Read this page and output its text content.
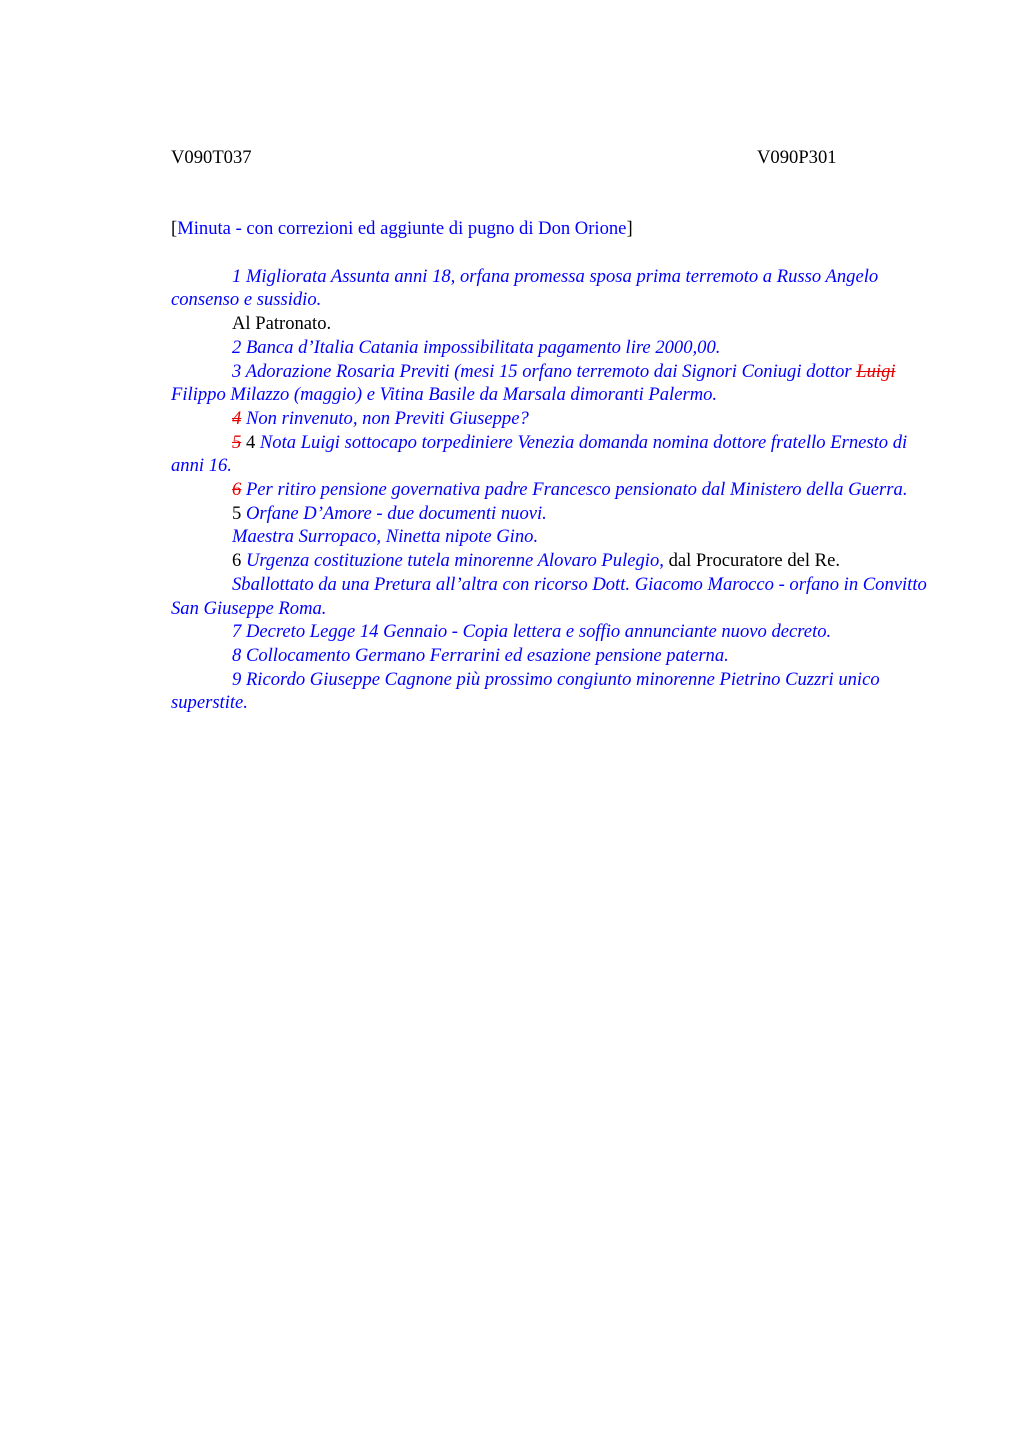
V090T037	V090P301
[Minuta - con correzioni ed aggiunte di pugno di Don Orione]

1 Migliorata Assunta anni 18, orfana promessa sposa prima terremoto a Russo Angelo consenso e sussidio.

Al Patronato.

2 Banca d’Italia Catania impossibilitata pagamento lire 2000,00.

3 Adorazione Rosaria Previti (mesi 15 orfano terremoto dai Signori Coniugi dottor Luigi Filippo Milazzo (maggio) e Vitina Basile da Marsala dimoranti Palermo.

4 Non rinvenuto, non Previti Giuseppe?

5 4 Nota Luigi sottocapo torpediniere Venezia domanda nomina dottore fratello Ernesto di anni 16.

6 Per ritiro pensione governativa padre Francesco pensionato dal Ministero della Guerra.

5 Orfane D’Amore - due documenti nuovi.

Maestra Surropaco, Ninetta nipote Gino.

6 Urgenza costituzione tutela minorenne Alovaro Pulegio, dal Procuratore del Re.

Sballottato da una Pretura all’altra con ricorso Dott. Giacomo Marocco - orfano in Convitto San Giuseppe Roma.

7 Decreto Legge 14 Gennaio - Copia lettera e soffio annunciante nuovo decreto.

8 Collocamento Germano Ferrarini ed esazione pensione paterna.

9 Ricordo Giuseppe Cagnone più prossimo congiunto minorenne Pietrino Cuzzri unico superstite.
